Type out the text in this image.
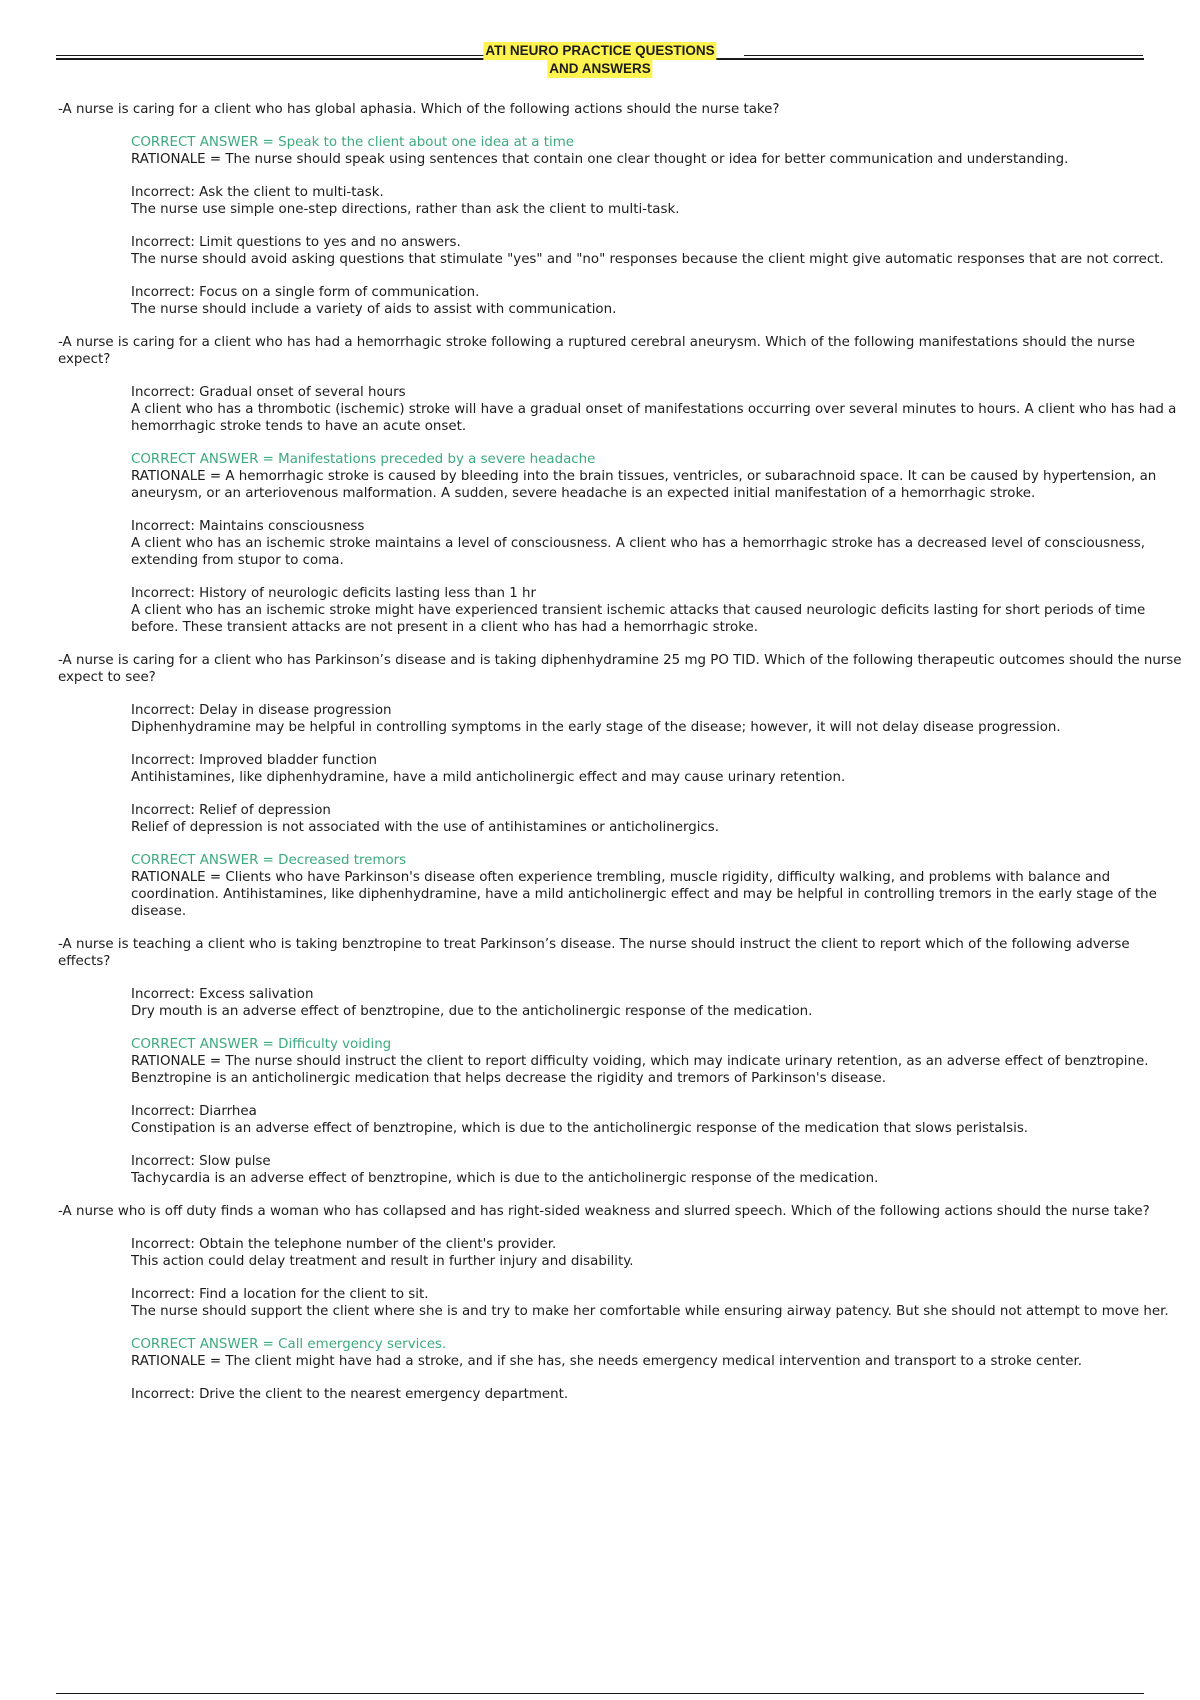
ATI NEURO PRACTICE QUESTIONS
AND ANSWERS

-A nurse is caring for a client who has global aphasia. Which of the following actions should the nurse take?

CORRECT ANSWER = Speak to the client about one idea at a time

RATIONALE = The nurse should speak using sentences that contain one clear thought or idea for better communication and understanding.

Incorrect: Ask the client to multi-task.

The nurse use simple one-step directions, rather than ask the client to multi-task.

Incorrect: Limit questions to yes and no answers.

The nurse should avoid asking questions that stimulate "yes" and "no" responses because the client might give automatic responses that are not correct.

Incorrect: Focus on a single form of communication.

The nurse should include a variety of aids to assist with communication.

-A nurse is caring for a client who has had a hemorrhagic stroke following a ruptured cerebral aneurysm. Which of the following manifestations should the nurse expect?

Incorrect: Gradual onset of several hours

A client who has a thrombotic (ischemic) stroke will have a gradual onset of manifestations occurring over several minutes to hours. A client who has had a hemorrhagic stroke tends to have an acute onset.

CORRECT ANSWER = Manifestations preceded by a severe headache

RATIONALE = A hemorrhagic stroke is caused by bleeding into the brain tissues, ventricles, or subarachnoid space. It can be caused by hypertension, an aneurysm, or an arteriovenous malformation. A sudden, severe headache is an expected initial manifestation of a hemorrhagic stroke.

Incorrect: Maintains consciousness

A client who has an ischemic stroke maintains a level of consciousness. A client who has a hemorrhagic stroke has a decreased level of consciousness, extending from stupor to coma.

Incorrect: History of neurologic deficits lasting less than 1 hr

A client who has an ischemic stroke might have experienced transient ischemic attacks that caused neurologic deficits lasting for short periods of time before. These transient attacks are not present in a client who has had a hemorrhagic stroke.

-A nurse is caring for a client who has Parkinson’s disease and is taking diphenhydramine 25 mg PO TID. Which of the following therapeutic outcomes should the nurse expect to see?

Incorrect: Delay in disease progression

Diphenhydramine may be helpful in controlling symptoms in the early stage of the disease; however, it will not delay disease progression.

Incorrect: Improved bladder function

Antihistamines, like diphenhydramine, have a mild anticholinergic effect and may cause urinary retention.

Incorrect: Relief of depression

Relief of depression is not associated with the use of antihistamines or anticholinergics.

CORRECT ANSWER = Decreased tremors

RATIONALE = Clients who have Parkinson's disease often experience trembling, muscle rigidity, difficulty walking, and problems with balance and coordination. Antihistamines, like diphenhydramine, have a mild anticholinergic effect and may be helpful in controlling tremors in the early stage of the disease.

-A nurse is teaching a client who is taking benztropine to treat Parkinson’s disease. The nurse should instruct the client to report which of the following adverse effects?

Incorrect: Excess salivation

Dry mouth is an adverse effect of benztropine, due to the anticholinergic response of the medication.

CORRECT ANSWER = Difficulty voiding

RATIONALE = The nurse should instruct the client to report difficulty voiding, which may indicate urinary retention, as an adverse effect of benztropine. Benztropine is an anticholinergic medication that helps decrease the rigidity and tremors of Parkinson's disease.

Incorrect: Diarrhea

Constipation is an adverse effect of benztropine, which is due to the anticholinergic response of the medication that slows peristalsis.

Incorrect: Slow pulse

Tachycardia is an adverse effect of benztropine, which is due to the anticholinergic response of the medication.

-A nurse who is off duty finds a woman who has collapsed and has right-sided weakness and slurred speech. Which of the following actions should the nurse take?

Incorrect: Obtain the telephone number of the client's provider.

This action could delay treatment and result in further injury and disability.

Incorrect: Find a location for the client to sit.

The nurse should support the client where she is and try to make her comfortable while ensuring airway patency. But she should not attempt to move her.

CORRECT ANSWER = Call emergency services.

RATIONALE = The client might have had a stroke, and if she has, she needs emergency medical intervention and transport to a stroke center.

Incorrect: Drive the client to the nearest emergency department.
